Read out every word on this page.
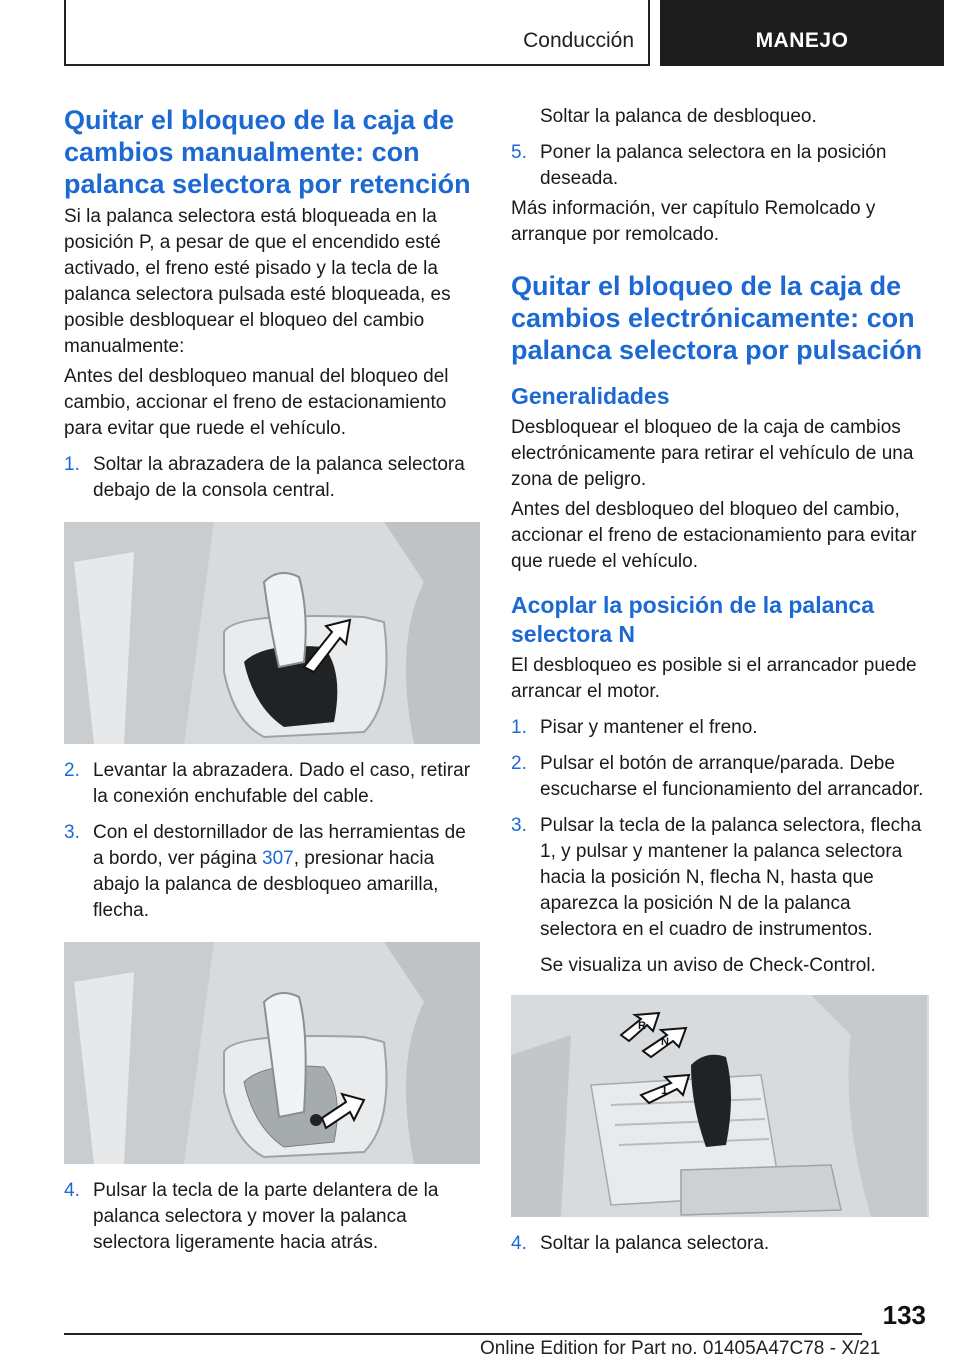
Conducción	MANEJO
Quitar el bloqueo de la caja de cambios manualmente: con palanca selectora por retención

Si la palanca selectora está bloqueada en la posición P, a pesar de que el encendido esté activado, el freno esté pisado y la tecla de la palanca selectora pulsada esté bloqueada, es posible desbloquear el bloqueo del cambio manualmente:

Antes del desbloqueo manual del bloqueo del cambio, accionar el freno de estacionamiento para evitar que ruede el vehículo.

1. Soltar la abrazadera de la palanca selectora debajo de la consola central.
2. Levantar la abrazadera. Dado el caso, retirar la conexión enchufable del cable.
3. Con el destornillador de las herramientas de a bordo, ver página 307, presionar hacia abajo la palanca de desbloqueo amarilla, flecha.
4. Pulsar la tecla de la parte delantera de la palanca selectora y mover la palanca selectora ligeramente hacia atrás.
Soltar la palanca de desbloqueo.
5. Poner la palanca selectora en la posición deseada.

Más información, ver capítulo Remolcado y arranque por remolcado.

Quitar el bloqueo de la caja de cambios electrónicamente: con palanca selectora por pulsación
Generalidades

Desbloquear el bloqueo de la caja de cambios electrónicamente para retirar el vehículo de una zona de peligro.

Antes del desbloqueo del bloqueo del cambio, accionar el freno de estacionamiento para evitar que ruede el vehículo.

Acoplar la posición de la palanca selectora N

El desbloqueo es posible si el arrancador puede arrancar el motor.

1. Pisar y mantener el freno.
2. Pulsar el botón de arranque/parada. Debe escucharse el funcionamiento del arrancador.
3. Pulsar la tecla de la palanca selectora, flecha 1, y pulsar y mantener la palanca selectora hacia la posición N, flecha N, hasta que aparezca la posición N de la palanca selectora en el cuadro de instrumentos.
Se visualiza un aviso de Check-Control.
R
N
1
4. Soltar la palanca selectora.
133
Online Edition for Part no. 01405A47C78 - X/21
